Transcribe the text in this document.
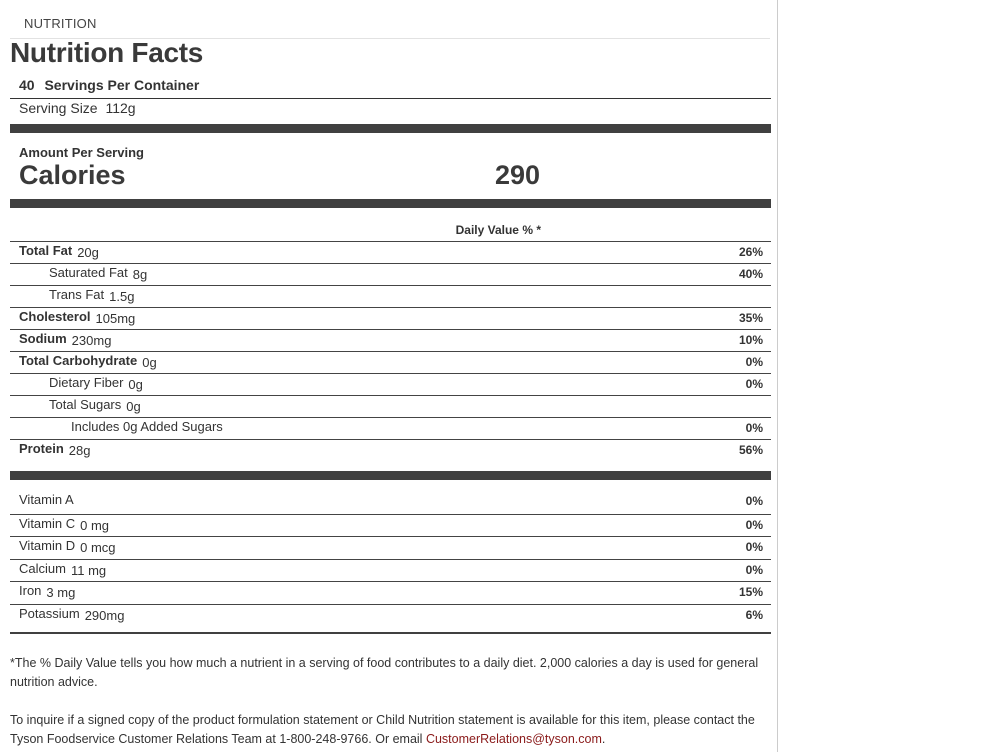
NUTRITION
Nutrition Facts
40 Servings Per Container
Serving Size 112g
Amount Per Serving
Calories	290
Daily Value % *
Total Fat 20g	26%
Saturated Fat 8g	40%
Trans Fat 1.5g
Cholesterol 105mg	35%
Sodium 230mg	10%
Total Carbohydrate 0g	0%
Dietary Fiber 0g	0%
Total Sugars 0g
Includes 0g Added Sugars	0%
Protein 28g	56%
Vitamin A	0%
Vitamin C 0 mg	0%
Vitamin D 0 mcg	0%
Calcium 11 mg	0%
Iron 3 mg	15%
Potassium 290mg	6%
*The % Daily Value tells you how much a nutrient in a serving of food contributes to a daily diet. 2,000 calories a day is used for general nutrition advice.
To inquire if a signed copy of the product formulation statement or Child Nutrition statement is available for this item, please contact the Tyson Foodservice Customer Relations Team at 1-800-248-9766. Or email CustomerRelations@tyson.com.
